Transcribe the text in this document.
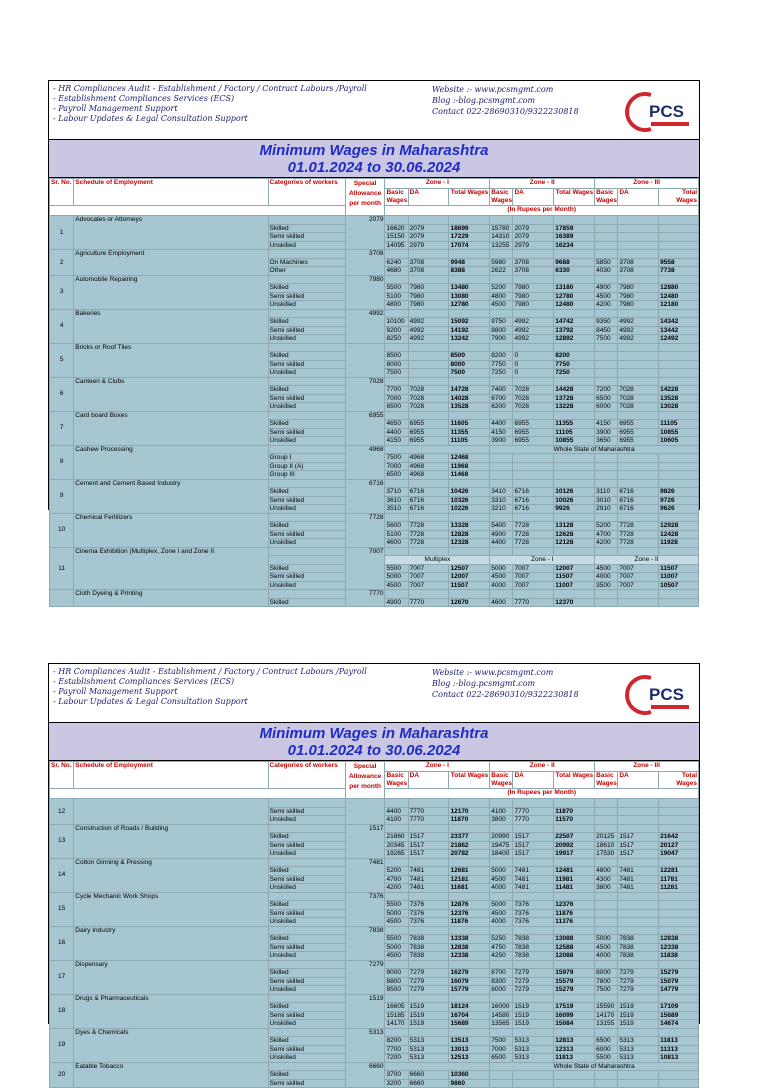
- HR Compliances Audit - Establishment / Factory / Contract Labours /Payroll
- Establishment Compliances Services (ECS)
- Payroll Management Support
- Labour Updates & Legal Consultation Support
Website :- www.pcsmgmt.com
Blog :-blog.pcsmgmt.com
Contact 022-28690310/9322230818	PCS
Minimum Wages in Maharashtra
01.01.2024 to 30.06.2024
Sr. No.	Schedule of Employment	Categories of workers	Special Allowance per month	Zone - I			Zone - II			Zone - III		
				Basic Wages	DA	Total Wages	Basic Wages	DA	Total Wages	Basic Wages	DA	Total Wages
				(In Rupees per Month)								
1	Advocates or Attorneys		2079									
		Skilled		16620	2079	18699	15780	2079	17859			
		Semi skilled		15150	2079	17229	14310	2079	16389			
		Unskilled		14095	2979	17074	13255	2979	16234			
2	Agriculture Employment		3708									
		On Machines		6240	3708	9948	5980	3708	9688	5850	3708	9558
		Other		4680	3708	8388	2622	3708	6330	4030	3708	7738
3	Automobile Repairing		7980									
		Skilled		5500	7980	13480	5200	7980	13180	4900	7980	12880
		Semi skilled		5100	7980	13080	4800	7980	12780	4500	7980	12480
		Unskilled		4800	7980	12780	4500	7980	12480	4200	7980	12180
4	Bakeries		4992									
		Skilled		10100	4992	15092	9750	4992	14742	9350	4992	14342
		Semi skilled		9200	4992	14192	8800	4992	13792	8450	4992	13442
		Unskilled		8250	4992	13242	7900	4992	12892	7500	4992	12492
5	Bricks or Roof Tiles											
		Skilled		8500		8500	8200	0	8200			
		Semi skilled		8000		8000	7750	0	7750			
		Unskilled		7500		7500	7250	0	7250			
6	Canteen & Clubs		7028									
		Skilled		7700	7028	14728	7400	7028	14428	7200	7028	14228
		Semi skilled		7000	7028	14028	6700	7028	13728	6500	7028	13528
		Unskilled		6500	7028	13528	6200	7028	13228	6000	7028	13028
7	Card board Boxes		6955									
		Skilled		4650	6955	11605	4400	6955	11355	4150	6955	11105
		Semi skilled		4400	6955	11355	4150	6955	11105	3900	6955	10855
		Unskilled		4150	6955	11105	3900	6955	10855	3650	6955	10605
8	Cashew Processing		4968				Whole State of Maharashtra					
		Group I		7500	4968	12468						
		Group II (A)		7000	4968	11968						
		Group III		6500	4968	11468						
9	Cement and Cement Based Industry		6716									
		Skilled		3710	6716	10426	3410	6716	10126	3110	6716	9826
		Semi skilled		3610	6716	10326	3310	6716	10026	3010	6716	9726
		Unskilled		3510	6716	10226	3210	6716	9926	2910	6716	9626
10	Chemical Fertilizers		7728									
		Skilled		5600	7728	13328	5400	7728	13128	5200	7728	12928
		Semi skilled		5100	7728	12828	4900	7728	12628	4700	7728	12428
		Unskilled		4600	7728	12328	4400	7728	12128	4200	7728	11928
11	Cinema Exhibition (Multiplex, Zone I and Zone II		7007									
				Multiplex			Zone - I			Zone - II		
		Skilled		5500	7007	12507	5000	7007	12007	4500	7007	11507
		Semi skilled		5000	7007	12007	4500	7007	11507	4000	7007	11007
		Unskilled		4500	7007	11507	4000	7007	11007	3500	7007	10507
	Cloth Dyeing & Printing		7770									
		Skilled		4900	7770	12670	4600	7770	12370			
- HR Compliances Audit - Establishment / Factory / Contract Labours /Payroll
- Establishment Compliances Services (ECS)
- Payroll Management Support
- Labour Updates & Legal Consultation Support
Website :- www.pcsmgmt.com
Blog :-blog.pcsmgmt.com
Contact 022-28690310/9322230818	PCS
Minimum Wages in Maharashtra
01.01.2024 to 30.06.2024
Sr. No.	Schedule of Employment	Categories of workers	Special Allowance per month	Zone - I			Zone - II			Zone - III		
				Basic Wages	DA	Total Wages	Basic Wages	DA	Total Wages	Basic Wages	DA	Total Wages
				(In Rupees per Month)								
12												
		Semi skilled		4400	7770	12170	4100	7770	11870			
		Unskilled		4100	7770	11870	3800	7770	11570			
13	Construction of Roads / Building		1517									
		Skilled		21860	1517	23377	20990	1517	22507	20125	1517	21642
		Semi skilled		20345	1517	21862	19475	1517	20992	18610	1517	20127
		Unskilled		19265	1517	20782	18400	1517	19917	17530	1517	19047
14	Cotton Ginning & Pressing		7481									
		Skilled		5200	7481	12681	5000	7481	12481	4800	7481	12281
		Semi skilled		4700	7481	12181	4500	7481	11981	4300	7481	11781
		Unskilled		4200	7481	11681	4000	7481	11481	3800	7481	11281
15	Cycle Mechanic Work Shops		7376									
		Skilled		5500	7376	12876	5000	7376	12376			
		Semi skilled		5000	7376	12376	4500	7376	11876			
		Unskilled		4500	7376	11876	4000	7376	11376			
16	Dairy Industry		7838									
		Skilled		5500	7838	13338	5250	7838	13088	5000	7838	12838
		Semi skilled		5000	7838	12838	4750	7838	12588	4500	7838	12338
		Unskilled		4500	7838	12338	4250	7838	12088	4000	7838	11838
17	Dispensary		7279									
		Skilled		9000	7279	16279	8700	7279	15979	8000	7279	15279
		Semi skilled		8800	7279	16079	8300	7279	15579	7800	7279	15079
		Unskilled		8500	7279	15779	8000	7279	15279	7500	7279	14779
18	Drugs & Pharmaceuticals		1519									
		Skilled		16605	1519	18124	16000	1519	17519	15590	1519	17109
		Semi skilled		15185	1519	16704	14580	1519	16099	14170	1519	15689
		Unskilled		14170	1519	15689	13565	1519	15084	13155	1519	14674
19	Dyes & Chemicals		5313									
		Skilled		8200	5313	13513	7500	5313	12813	6500	5313	11813
		Semi skilled		7700	5313	13013	7000	5313	12313	6000	5313	11313
		Unskilled		7200	5313	12513	6500	5313	11813	5500	5313	10813
20	Eatable Tobacco		6660				Whole State of Maharashtra					
		Skilled		3700	6660	10360						
		Semi skilled		3200	6660	9860						
